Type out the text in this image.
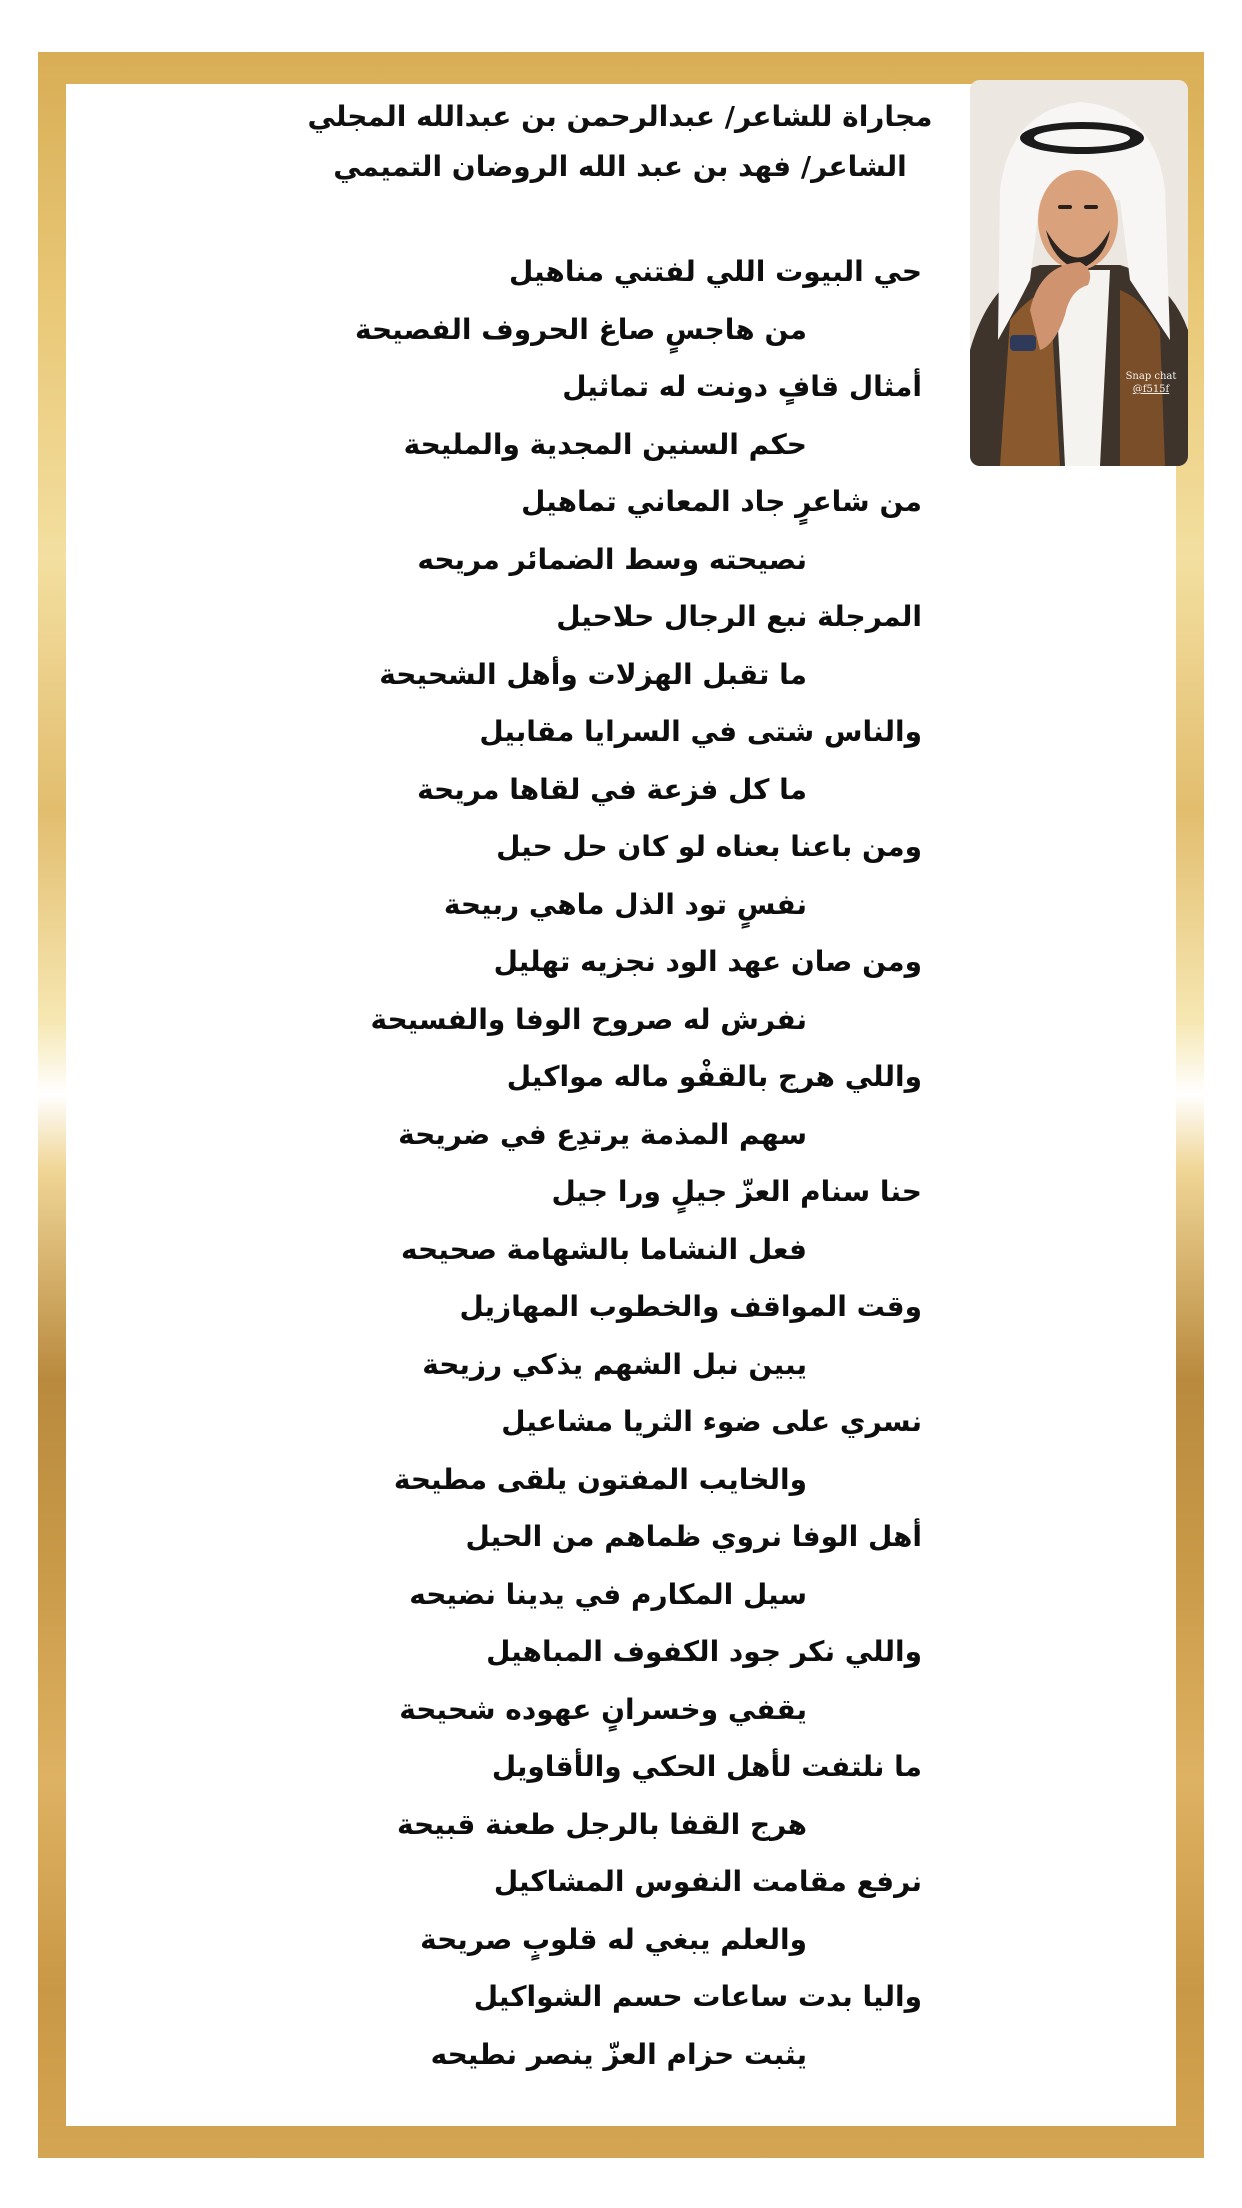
مجاراة للشاعر/ عبدالرحمن بن عبدالله المجلي
الشاعر/ فهد بن عبد الله الروضان التميمي
Snap chat
@f515f
حي البيوت اللي لفتني مناهيل
من هاجسٍ صاغ الحروف الفصيحة
أمثال قافٍ دونت له تماثيل
حكم السنين المجدية والمليحة
من شاعرٍ جاد المعاني تماهيل
نصيحته وسط الضمائر مريحه
المرجلة نبع الرجال حلاحيل
ما تقبل الهزلات وأهل الشحيحة
والناس شتى في السرايا مقابيل
ما كل فزعة في لقاها مريحة
ومن باعنا بعناه لو كان حل حيل
نفسٍ تود الذل ماهي ربيحة
ومن صان عهد الود نجزيه تهليل
نفرش له صروح الوفا والفسيحة
واللي هرج بالقفْو ماله مواكيل
سهم المذمة يرتدِع في ضريحة
حنا سنام العزّ جيلٍ ورا جيل
فعل النشاما بالشهامة صحيحه
وقت المواقف والخطوب المهازيل
يبين نبل الشهم يذكي رزيحة
نسري على ضوء الثريا مشاعيل
والخايب المفتون يلقى مطيحة
أهل الوفا نروي ظماهم من الحيل
سيل المكارم في يدينا نضيحه
واللي نكر جود الكفوف المباهيل
يقفي وخسرانٍ عهوده شحيحة
ما نلتفت لأهل الحكي والأقاويل
هرج القفا بالرجل طعنة قبيحة
نرفع مقامت النفوس المشاكيل
والعلم يبغي له قلوبٍ صريحة
واليا بدت ساعات حسم الشواكيل
يثبت حزام العزّ ينصر نطيحه
